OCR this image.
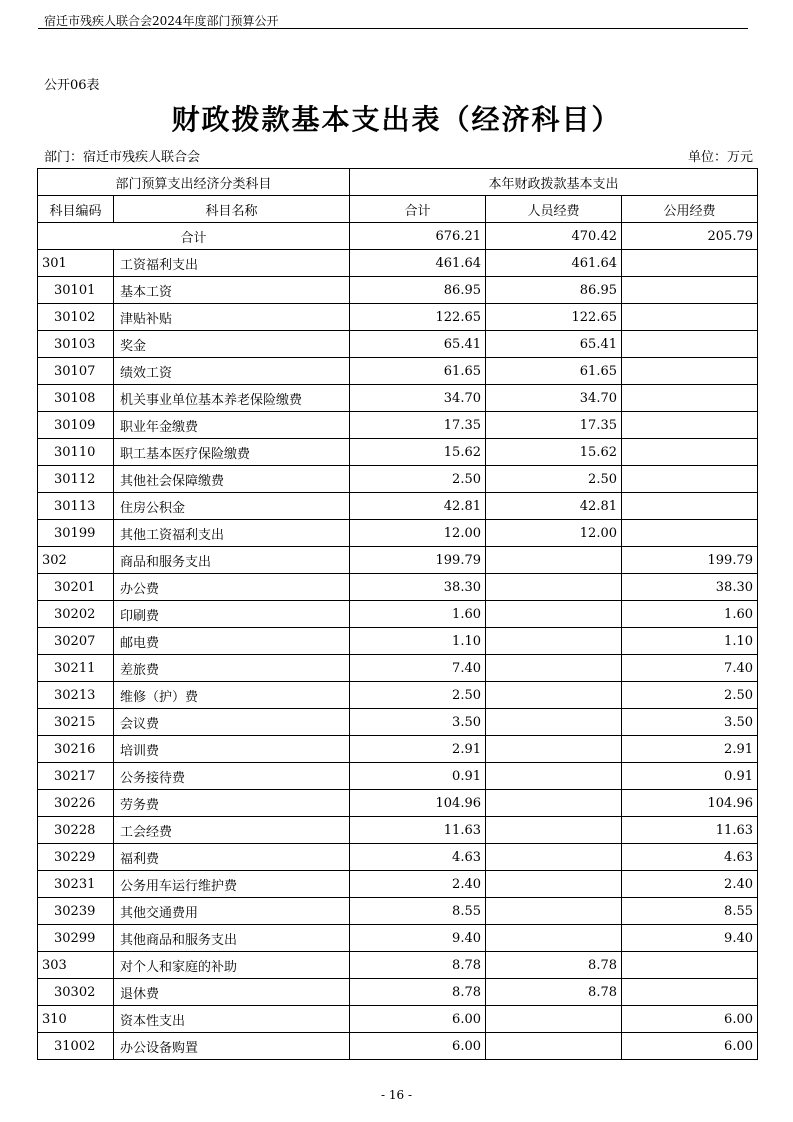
宿迁市残疾人联合会2024年度部门预算公开
公开06表
财政拨款基本支出表（经济科目）
部门：宿迁市残疾人联合会	单位：万元
部门预算支出经济分类科目		本年财政拨款基本支出		
科目编码	科目名称	合计	人员经费	公用经费
合计		676.21	470.42	205.79
301	工资福利支出	461.64	461.64	
30101	基本工资	86.95	86.95	
30102	津贴补贴	122.65	122.65	
30103	奖金	65.41	65.41	
30107	绩效工资	61.65	61.65	
30108	机关事业单位基本养老保险缴费	34.70	34.70	
30109	职业年金缴费	17.35	17.35	
30110	职工基本医疗保险缴费	15.62	15.62	
30112	其他社会保障缴费	2.50	2.50	
30113	住房公积金	42.81	42.81	
30199	其他工资福利支出	12.00	12.00	
302	商品和服务支出	199.79		199.79
30201	办公费	38.30		38.30
30202	印刷费	1.60		1.60
30207	邮电费	1.10		1.10
30211	差旅费	7.40		7.40
30213	维修（护）费	2.50		2.50
30215	会议费	3.50		3.50
30216	培训费	2.91		2.91
30217	公务接待费	0.91		0.91
30226	劳务费	104.96		104.96
30228	工会经费	11.63		11.63
30229	福利费	4.63		4.63
30231	公务用车运行维护费	2.40		2.40
30239	其他交通费用	8.55		8.55
30299	其他商品和服务支出	9.40		9.40
303	对个人和家庭的补助	8.78	8.78	
30302	退休费	8.78	8.78	
310	资本性支出	6.00		6.00
31002	办公设备购置	6.00		6.00
- 16 -
